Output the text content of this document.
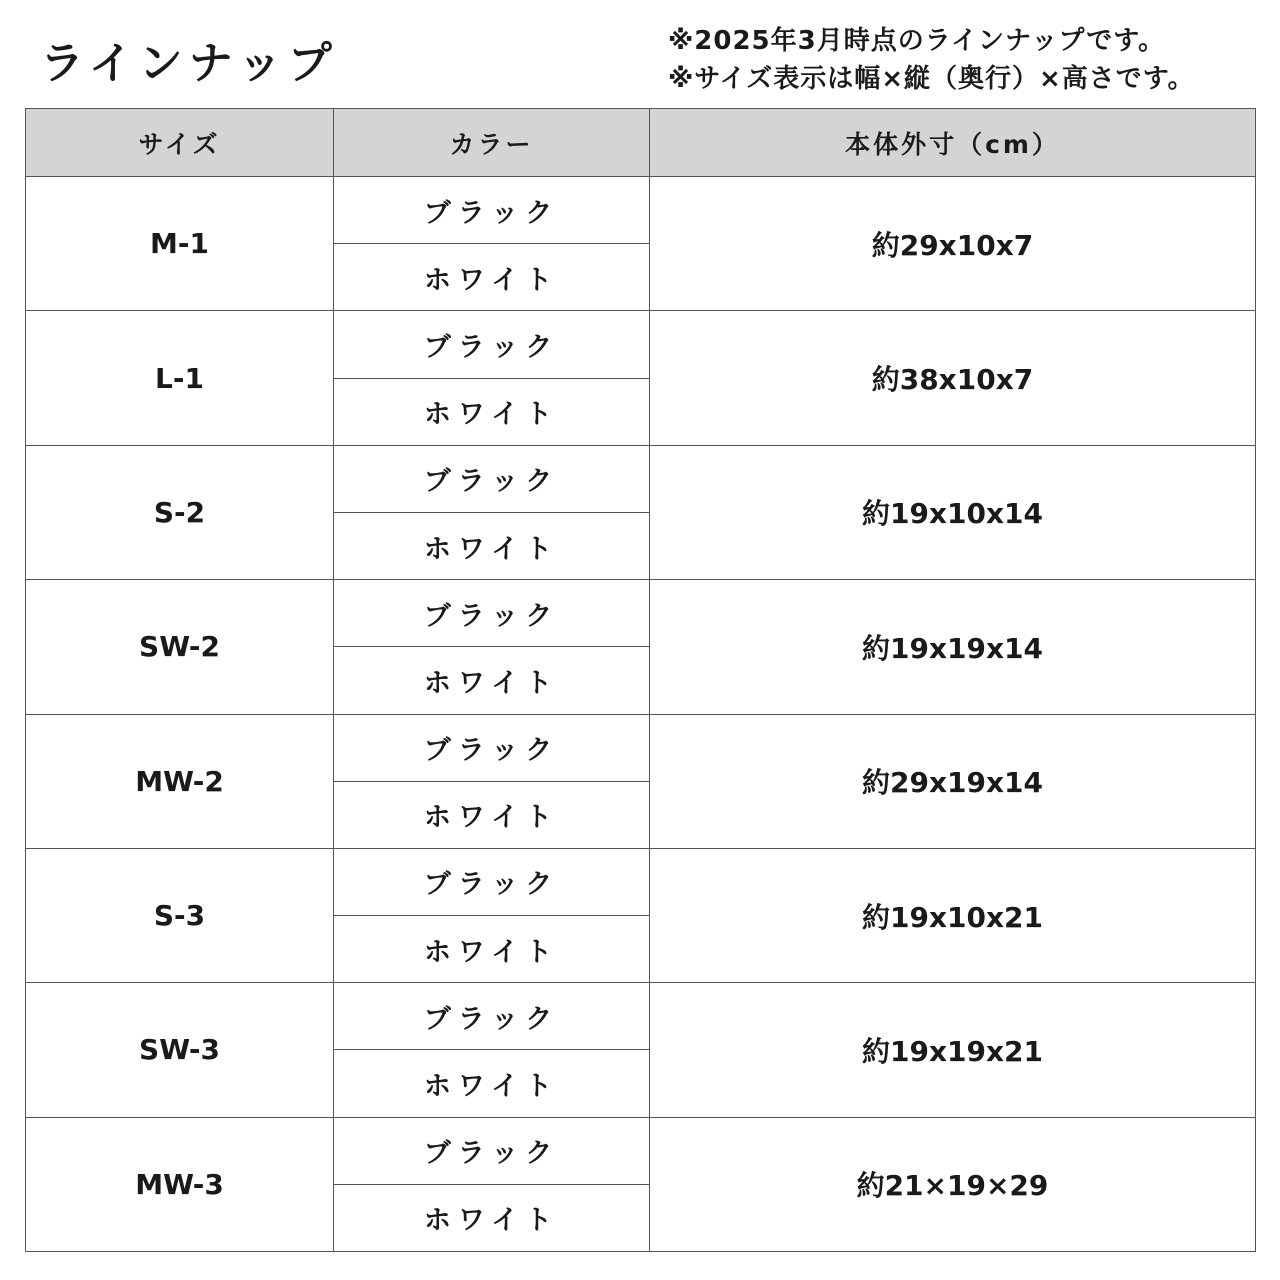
ラインナップ	※2025年3月時点のラインナップです。

※サイズ表示は幅×縦（奥行）×高さです。

サイズ	カラー	本体外寸（cm）
M-1	ブラック	約29x10x7
	ホワイト	
L-1	ブラック	約38x10x7
	ホワイト	
S-2	ブラック	約19x10x14
	ホワイト	
SW-2	ブラック	約19x19x14
	ホワイト	
MW-2	ブラック	約29x19x14
	ホワイト	
S-3	ブラック	約19x10x21
	ホワイト	
SW-3	ブラック	約19x19x21
	ホワイト	
MW-3	ブラック	約21×19×29
	ホワイト	
